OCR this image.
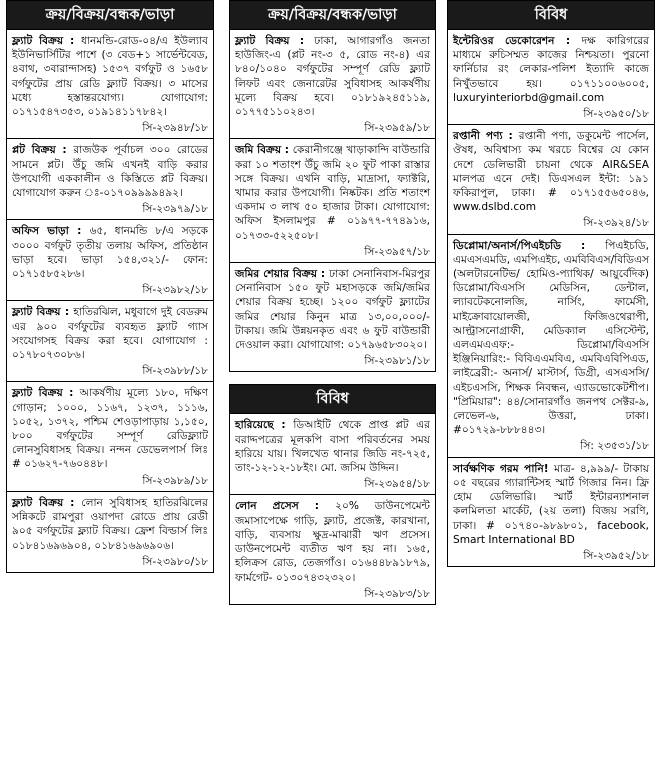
ক্রয়/বিক্রয়/বন্ধক/ভাড়া
ফ্ল্যাট বিক্রয় : ধানমন্ডি-রোড-০৪/এ ইউল্যাব ইউনিভার্সিটির পাশে (৩ বেড+১ সার্ভেন্টবেড, ৪বাথ, ৩বারান্দাসহ) ১৫৩৭ বর্গফুট ও ১৬৫৮ বর্গফুটের প্রায় রেডি ফ্ল্যাট বিক্রয়। ৩ মাসের মধ্যে হস্তান্তরযোগ্য। যোগাযোগ: ০১৭১৫৪৭৩৫৩, ০১৯১৪১১৭৮৪২।
সি-২৩৯৪৮/১৮
প্লট বিক্রয় : রাজউক পূর্বাচল ৩০০ রোডের সামনে প্লট। উঁচু জমি এখনই বাড়ি করার উপযোগী এককালীন ও কিস্তিতে প্লট বিক্রয়। যোগাযোগ করুন ঃ-০১৭০৯৯৯৯৪৯২।
সি-২৩৯৭৯/১৮
অফিস ভাড়া : ৬৫, ধানমন্ডি ৮/এ সড়কে ৩০০০ বর্গফুট তৃতীয় তলায় অফিস, প্রতিষ্ঠান ভাড়া হবে। ভাড়া ১৫৪,৩২১/- ফোন: ০১৭১৫৮৫২৮৬।
সি-২৩৯৮২/১৮
ফ্ল্যাট বিক্রয় : হাতিরঝিল, মধুবাগে দুই বেডরুম এর ৯০০ বর্গফুটের ব্যবহৃত ফ্ল্যাট গ্যাস সংযোগসহ বিক্রয় করা হবে। যোগাযোগ : ০১৭৮০৭৩০৮৬।
সি-২৩৯৮৮/১৮
ফ্ল্যাট বিক্রয় : আকর্ষণীয় মূল্যে ১৮০, দক্ষিণ গোড়ান; ১০০০, ১১৬৭, ১২৩৭, ১১১৬, ১০৫২, ১৩৭২, পশ্চিম শেওড়াপাড়ায় ১,১৫০, ৮০০ বর্গফুটের সম্পূর্ণ রেডিফ্ল্যাট লোনসুবিধাসহ বিক্রয়। নন্দন ডেভেলপার্স লিঃ # ০১৬২৭-৭৬০৪৪৮।
সি-২৩৯৮৯/১৮
ফ্ল্যাট বিক্রয় : লোন সুবিধাসহ হাতিরঝিলের সন্নিকটে রামপুরা ওয়াপদা রোডে প্রায় রেডী ৯০৫ বর্গফুটের ফ্ল্যাট বিক্রয়। ফ্রেশ বিল্ডার্স লিঃ ০১৮৪১৬৯৬৯০৪, ০১৮৪১৬৯৬৯০৬।
সি-২৩৯৮০/১৮
ক্রয়/বিক্রয়/বন্ধক/ভাড়া
ফ্ল্যাট বিক্রয় : ঢাকা, আগারগাঁও জনতা হাউজিং-এ (প্লট নং-৩ ৫, রোড নং-৪) এর ৮৪০/১০৪০ বর্গফুটের সম্পূর্ণ রেডি ফ্ল্যাট লিফট এবং জেনারেটর সুবিধাসহ আকর্ষণীয় মূল্যে বিক্রয় হবে। ০১৮১৯২৪৫১১৯, ০১৭৭৫১১০২৪৩।
সি-২৩৯৫৯/১৮
জমি বিক্রয় : কেরানীগঞ্জে খাড়াকান্দি বাউন্ডারি করা ১০ শতাংশ উঁচু জমি ২০ ফুট পাকা রাস্তার সঙ্গে বিক্রয়। এখনি বাড়ি, মাদ্রাসা, ফ্যাক্টরি, খামার করার উপযোগী। নিষ্কটক। প্রতি শতাংশ একদাম ৩ লাখ ৫০ হাজার টাকা। যোগাযোগ: অফিস ইসলামপুর # ০১৯৭৭-৭৭৪৯১৬, ০১৭৩৩-৫২২৫০৮।
সি-২৩৯৫৭/১৮
জমির শেয়ার বিক্রয় : ঢাকা সেনানিবাস-মিরপুর সেনানিবাস ১৫০ ফুট মহাসড়কে জমি/জমির শেয়ার বিক্রয় হচ্ছে। ১২০০ বর্গফুট ফ্ল্যাটের জমির শেয়ার কিনুন মাত্র ১৩,০০,০০০/- টাকায়। জমি উন্নয়নকৃত এবং ৬ ফুট বাউন্ডারী দেওয়াল করা। যোগাযোগ: ০১৭৯৬৫৮৩০২০।
সি-২৩৯৮১/১৮
বিবিধ
হারিয়েছে : ডিআইটি থেকে প্রাপ্ত প্লট এর বরাদ্দপত্রের মূলকপি বাসা পরিবর্তনের সময় হারিয়ে যায়। খিলখেত থানার জিডি নং-৭২৫, তাং-১২-১২-১৮ইং। মো. জসিম উদ্দিন।
সি-২৩৯৫৪/১৮
লোন প্রসেস : ২০% ডাউনপেমেন্ট জমাসাপেক্ষে গাড়ি, ফ্ল্যাট, প্রজেক্ট, কারখানা, বাড়ি, ব্যবসায় ক্ষুদ্র-মাঝারী ঋণ প্রসেস। ডাউনপেমেন্ট ব্যতীত ঋণ হয় না। ১৬৫, হলিক্রস রোড, তেজগাঁও। ০১৬৪৪৮৯১৮৭৯, ফার্মগেট- ০১৩০৭৪৩২৩২০।
সি-২৩৯৮৩/১৮
বিবিধ
ইন্টেরিওর ডেকোরেশন : দক্ষ কারিগরের মাধ্যমে রুচিসম্মত কাজের নিশ্চয়তা। পুরনো ফার্নিচার রং লেকার-পলিশ ইত্যাদি কাজে নিখুঁতভাবে হয়। ০১৭১১০০৬০০৫, luxuryinteriorbd@gmail.com
সি-২৩৯৫০/১৮
রপ্তানী পণ্য : রপ্তানী পণ্য, ডকুমেন্ট পার্সেল, ঔষধ, অবিশ্বাস্য কম খরচে বিশ্বের যে কোন দেশে ডেলিভারী চায়না থেকে AIR&SEA মালপত্র এনে দেই। ডিএসএল ইন্টা: ১৯১ ফকিরাপুল, ঢাকা। # ০১৭১৫৫৬৫০৪৬, www.dslbd.com
সি-২৩৯২৪/১৮
ডিপ্লোমা/অনার্স/পিএইচডি : পিএইচডি, এমএসএমডি, এমপিএইচ, এমবিবিএস/বিডিএস (অলটারনেটিভ/ হোমিও-প্যাথিক/ আয়ুর্বেদিক) ডিপ্লোমা/বিএসসি মেডিসিন, ডেন্টাল, ল্যাবটেকনোলজি, নার্সিং, ফার্মেসী, মাইক্রোবায়োলজী, ফিজিওথেরাপী, আল্ট্রাসনোগ্রাফী, মেডিক্যাল এসিস্টেন্ট, এলএমএএফ:- ডিপ্লোমা/বিএসসি ইঞ্জিনিয়ারিং:- বিবিএএমবিএ, এমবিএবিপিএড, লাইব্রেরী:- অনার্স/ মাস্টার্স, ডিগ্রী, এসএসসি/ এইচএসসি, শিক্ষক নিবন্ধন, এ্যাডভোকেটশীপ। "প্রিমিয়ার": ৪৪/সোনারগাঁও জনপথ সেক্টর-৯, লেভেল-৬, উত্তরা, ঢাকা। #০১৭২৯-৮৮৮৪৪৩।
সি: ২৩৫৩১/১৮
সার্বক্ষণিক গরম পানি! মাত্র- ৪,৯৯৯/- টাকায় ০৫ বছরের গ্যারান্টিসহ স্মার্ট গিজার নিন। ফ্রি হোম ডেলিভারি। স্মার্ট ইন্টারন্যাশনাল কলমিলতা মার্কেট, (২য় তলা) বিজয় সরণি, ঢাকা। # ০১৭৪০-৯৮৯৮০১, facebook, Smart International BD
সি-২৩৯৫২/১৮
